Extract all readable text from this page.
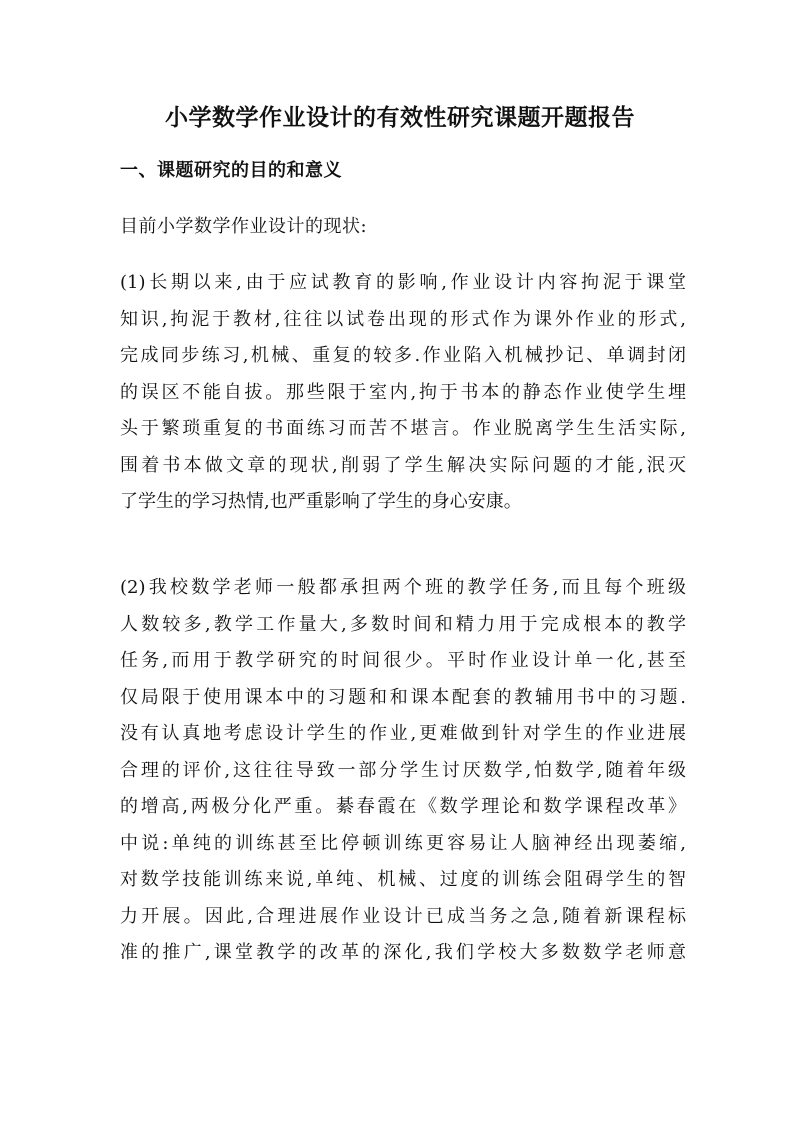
小学数学作业设计的有效性研究课题开题报告
一、课题研究的目的和意义
目前小学数学作业设计的现状:
(1)长期以来,由于应试教育的影响,作业设计内容拘泥于课堂
知识,拘泥于教材,往往以试卷出现的形式作为课外作业的形式,
完成同步练习,机械、重复的较多.作业陷入机械抄记、单调封闭
的误区不能自拔。那些限于室内,拘于书本的静态作业使学生埋
头于繁琐重复的书面练习而苦不堪言。作业脱离学生生活实际,
围着书本做文章的现状,削弱了学生解决实际问题的才能,泯灭
了学生的学习热情,也严重影响了学生的身心安康。
(2)我校数学老师一般都承担两个班的教学任务,而且每个班级
人数较多,教学工作量大,多数时间和精力用于完成根本的教学
任务,而用于教学研究的时间很少。平时作业设计单一化,甚至
仅局限于使用课本中的习题和和课本配套的教辅用书中的习题.
没有认真地考虑设计学生的作业,更难做到针对学生的作业进展
合理的评价,这往往导致一部分学生讨厌数学,怕数学,随着年级
的增高,两极分化严重。綦春霞在《数学理论和数学课程改革》
中说:单纯的训练甚至比停顿训练更容易让人脑神经出现萎缩,
对数学技能训练来说,单纯、机械、过度的训练会阻碍学生的智
力开展。因此,合理进展作业设计已成当务之急,随着新课程标
准的推广,课堂教学的改革的深化,我们学校大多数数学老师意
